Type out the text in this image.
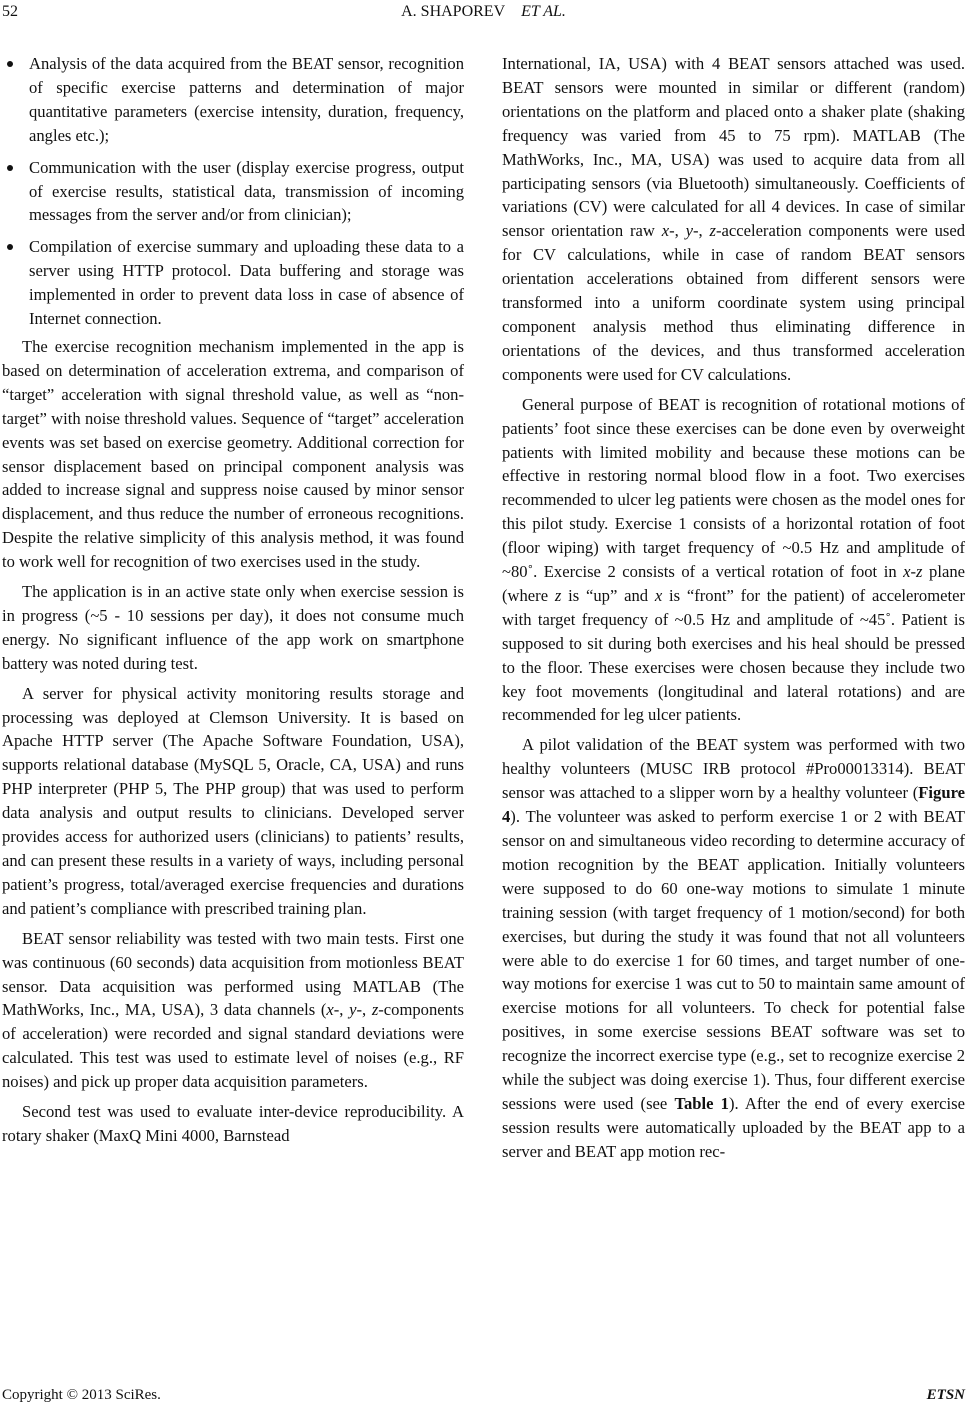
52	A. SHAPOREV ET AL.
Analysis of the data acquired from the BEAT sensor, recognition of specific exercise patterns and determination of major quantitative parameters (exercise intensity, duration, frequency, angles etc.);
Communication with the user (display exercise progress, output of exercise results, statistical data, transmission of incoming messages from the server and/or from clinician);
Compilation of exercise summary and uploading these data to a server using HTTP protocol. Data buffering and storage was implemented in order to prevent data loss in case of absence of Internet connection.

The exercise recognition mechanism implemented in the app is based on determination of acceleration extrema, and comparison of “target” acceleration with signal threshold value, as well as “non-target” with noise threshold values. Sequence of “target” acceleration events was set based on exercise geometry. Additional correction for sensor displacement based on principal component analysis was added to increase signal and suppress noise caused by minor sensor displacement, and thus reduce the number of erroneous recognitions. Despite the relative simplicity of this analysis method, it was found to work well for recognition of two exercises used in the study.

The application is in an active state only when exercise session is in progress (~5 - 10 sessions per day), it does not consume much energy. No significant influence of the app work on smartphone battery was noted during test.

A server for physical activity monitoring results storage and processing was deployed at Clemson University. It is based on Apache HTTP server (The Apache Software Foundation, USA), supports relational database (MySQL 5, Oracle, CA, USA) and runs PHP interpreter (PHP 5, The PHP group) that was used to perform data analysis and output results to clinicians. Developed server provides access for authorized users (clinicians) to patients’ results, and can present these results in a variety of ways, including personal patient’s progress, total/averaged exercise frequencies and durations and patient’s compliance with prescribed training plan.

BEAT sensor reliability was tested with two main tests. First one was continuous (60 seconds) data acquisition from motionless BEAT sensor. Data acquisition was performed using MATLAB (The MathWorks, Inc., MA, USA), 3 data channels (x-, y-, z-components of acceleration) were recorded and signal standard deviations were calculated. This test was used to estimate level of noises (e.g., RF noises) and pick up proper data acquisition parameters.

Second test was used to evaluate inter-device reproducibility. A rotary shaker (MaxQ Mini 4000, Barnstead

International, IA, USA) with 4 BEAT sensors attached was used. BEAT sensors were mounted in similar or different (random) orientations on the platform and placed onto a shaker plate (shaking frequency was varied from 45 to 75 rpm). MATLAB (The MathWorks, Inc., MA, USA) was used to acquire data from all participating sensors (via Bluetooth) simultaneously. Coefficients of variations (CV) were calculated for all 4 devices. In case of similar sensor orientation raw x-, y-, z-acceleration components were used for CV calculations, while in case of random BEAT sensors orientation accelerations obtained from different sensors were transformed into a uniform coordinate system using principal component analysis method thus eliminating difference in orientations of the devices, and thus transformed acceleration components were used for CV calculations.

General purpose of BEAT is recognition of rotational motions of patients’ foot since these exercises can be done even by overweight patients with limited mobility and because these motions can be effective in restoring normal blood flow in a foot. Two exercises recommended to ulcer leg patients were chosen as the model ones for this pilot study. Exercise 1 consists of a horizontal rotation of foot (floor wiping) with target frequency of ~0.5 Hz and amplitude of ~80˚. Exercise 2 consists of a vertical rotation of foot in x-z plane (where z is “up” and x is “front” for the patient) of accelerometer with target frequency of ~0.5 Hz and amplitude of ~45˚. Patient is supposed to sit during both exercises and his heal should be pressed to the floor. These exercises were chosen because they include two key foot movements (longitudinal and lateral rotations) and are recommended for leg ulcer patients.

A pilot validation of the BEAT system was performed with two healthy volunteers (MUSC IRB protocol #Pro00013314). BEAT sensor was attached to a slipper worn by a healthy volunteer (Figure 4). The volunteer was asked to perform exercise 1 or 2 with BEAT sensor on and simultaneous video recording to determine accuracy of motion recognition by the BEAT application. Initially volunteers were supposed to do 60 one-way motions to simulate 1 minute training session (with target frequency of 1 motion/second) for both exercises, but during the study it was found that not all volunteers were able to do exercise 1 for 60 times, and target number of one-way motions for exercise 1 was cut to 50 to maintain same amount of exercise motions for all volunteers. To check for potential false positives, in some exercise sessions BEAT software was set to recognize the incorrect exercise type (e.g., set to recognize exercise 2 while the subject was doing exercise 1). Thus, four different exercise sessions were used (see Table 1). After the end of every exercise session results were automatically uploaded by the BEAT app to a server and BEAT app motion rec-

Copyright © 2013 SciRes.	ETSN
